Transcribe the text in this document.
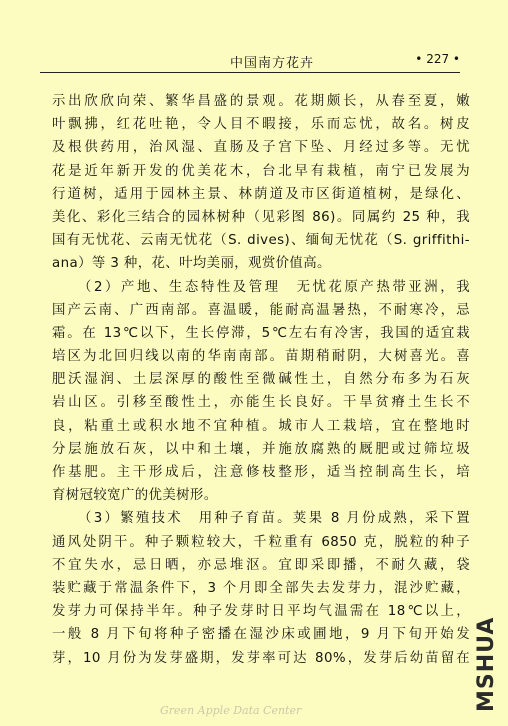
中国南方花卉	• 227 •
示出欣欣向荣、繁华昌盛的景观。花期颇长，从春至夏，嫩
叶飘拂，红花吐艳，令人目不暇接，乐而忘忧，故名。树皮
及根供药用，治风湿、直肠及子宫下坠、月经过多等。无忧
花是近年新开发的优美花木，台北早有栽植，南宁已发展为
行道树，适用于园林主景、林荫道及市区街道植树，是绿化、
美化、彩化三结合的园林树种（见彩图 86)。同属约 25 种，我
国有无忧花、云南无忧花（S. dives)、缅甸无忧花（S. griffithi-
ana）等 3 种，花、叶均美丽，观赏价值高。
（2）产地、生态特性及管理　无忧花原产热带亚洲，我
国产云南、广西南部。喜温暖，能耐高温暑热，不耐寒冷，忌
霜。在 13℃以下，生长停滞，5℃左右有冷害，我国的适宜栽
培区为北回归线以南的华南南部。苗期稍耐阴，大树喜光。喜
肥沃湿润、土层深厚的酸性至微碱性土，自然分布多为石灰
岩山区。引移至酸性土，亦能生长良好。干旱贫瘠土生长不
良，粘重土或积水地不宜种植。城市人工栽培，宜在整地时
分层施放石灰，以中和土壤，并施放腐熟的厩肥或过筛垃圾
作基肥。主干形成后，注意修枝整形，适当控制高生长，培
育树冠较宽广的优美树形。
（3）繁殖技术　用种子育苗。荚果 8 月份成熟，采下置
通风处阴干。种子颗粒较大，千粒重有 6850 克，脱粒的种子
不宜失水，忌日晒，亦忌堆沤。宜即采即播，不耐久藏，袋
装贮藏于常温条件下，3 个月即全部失去发芽力，混沙贮藏，
发芽力可保持半年。种子发芽时日平均气温需在 18℃以上，
一般 8 月下旬将种子密播在湿沙床或圃地，9 月下旬开始发
芽，10 月份为发芽盛期，发芽率可达 80%，发芽后幼苗留在 MSHUA
Green Apple Data Center
